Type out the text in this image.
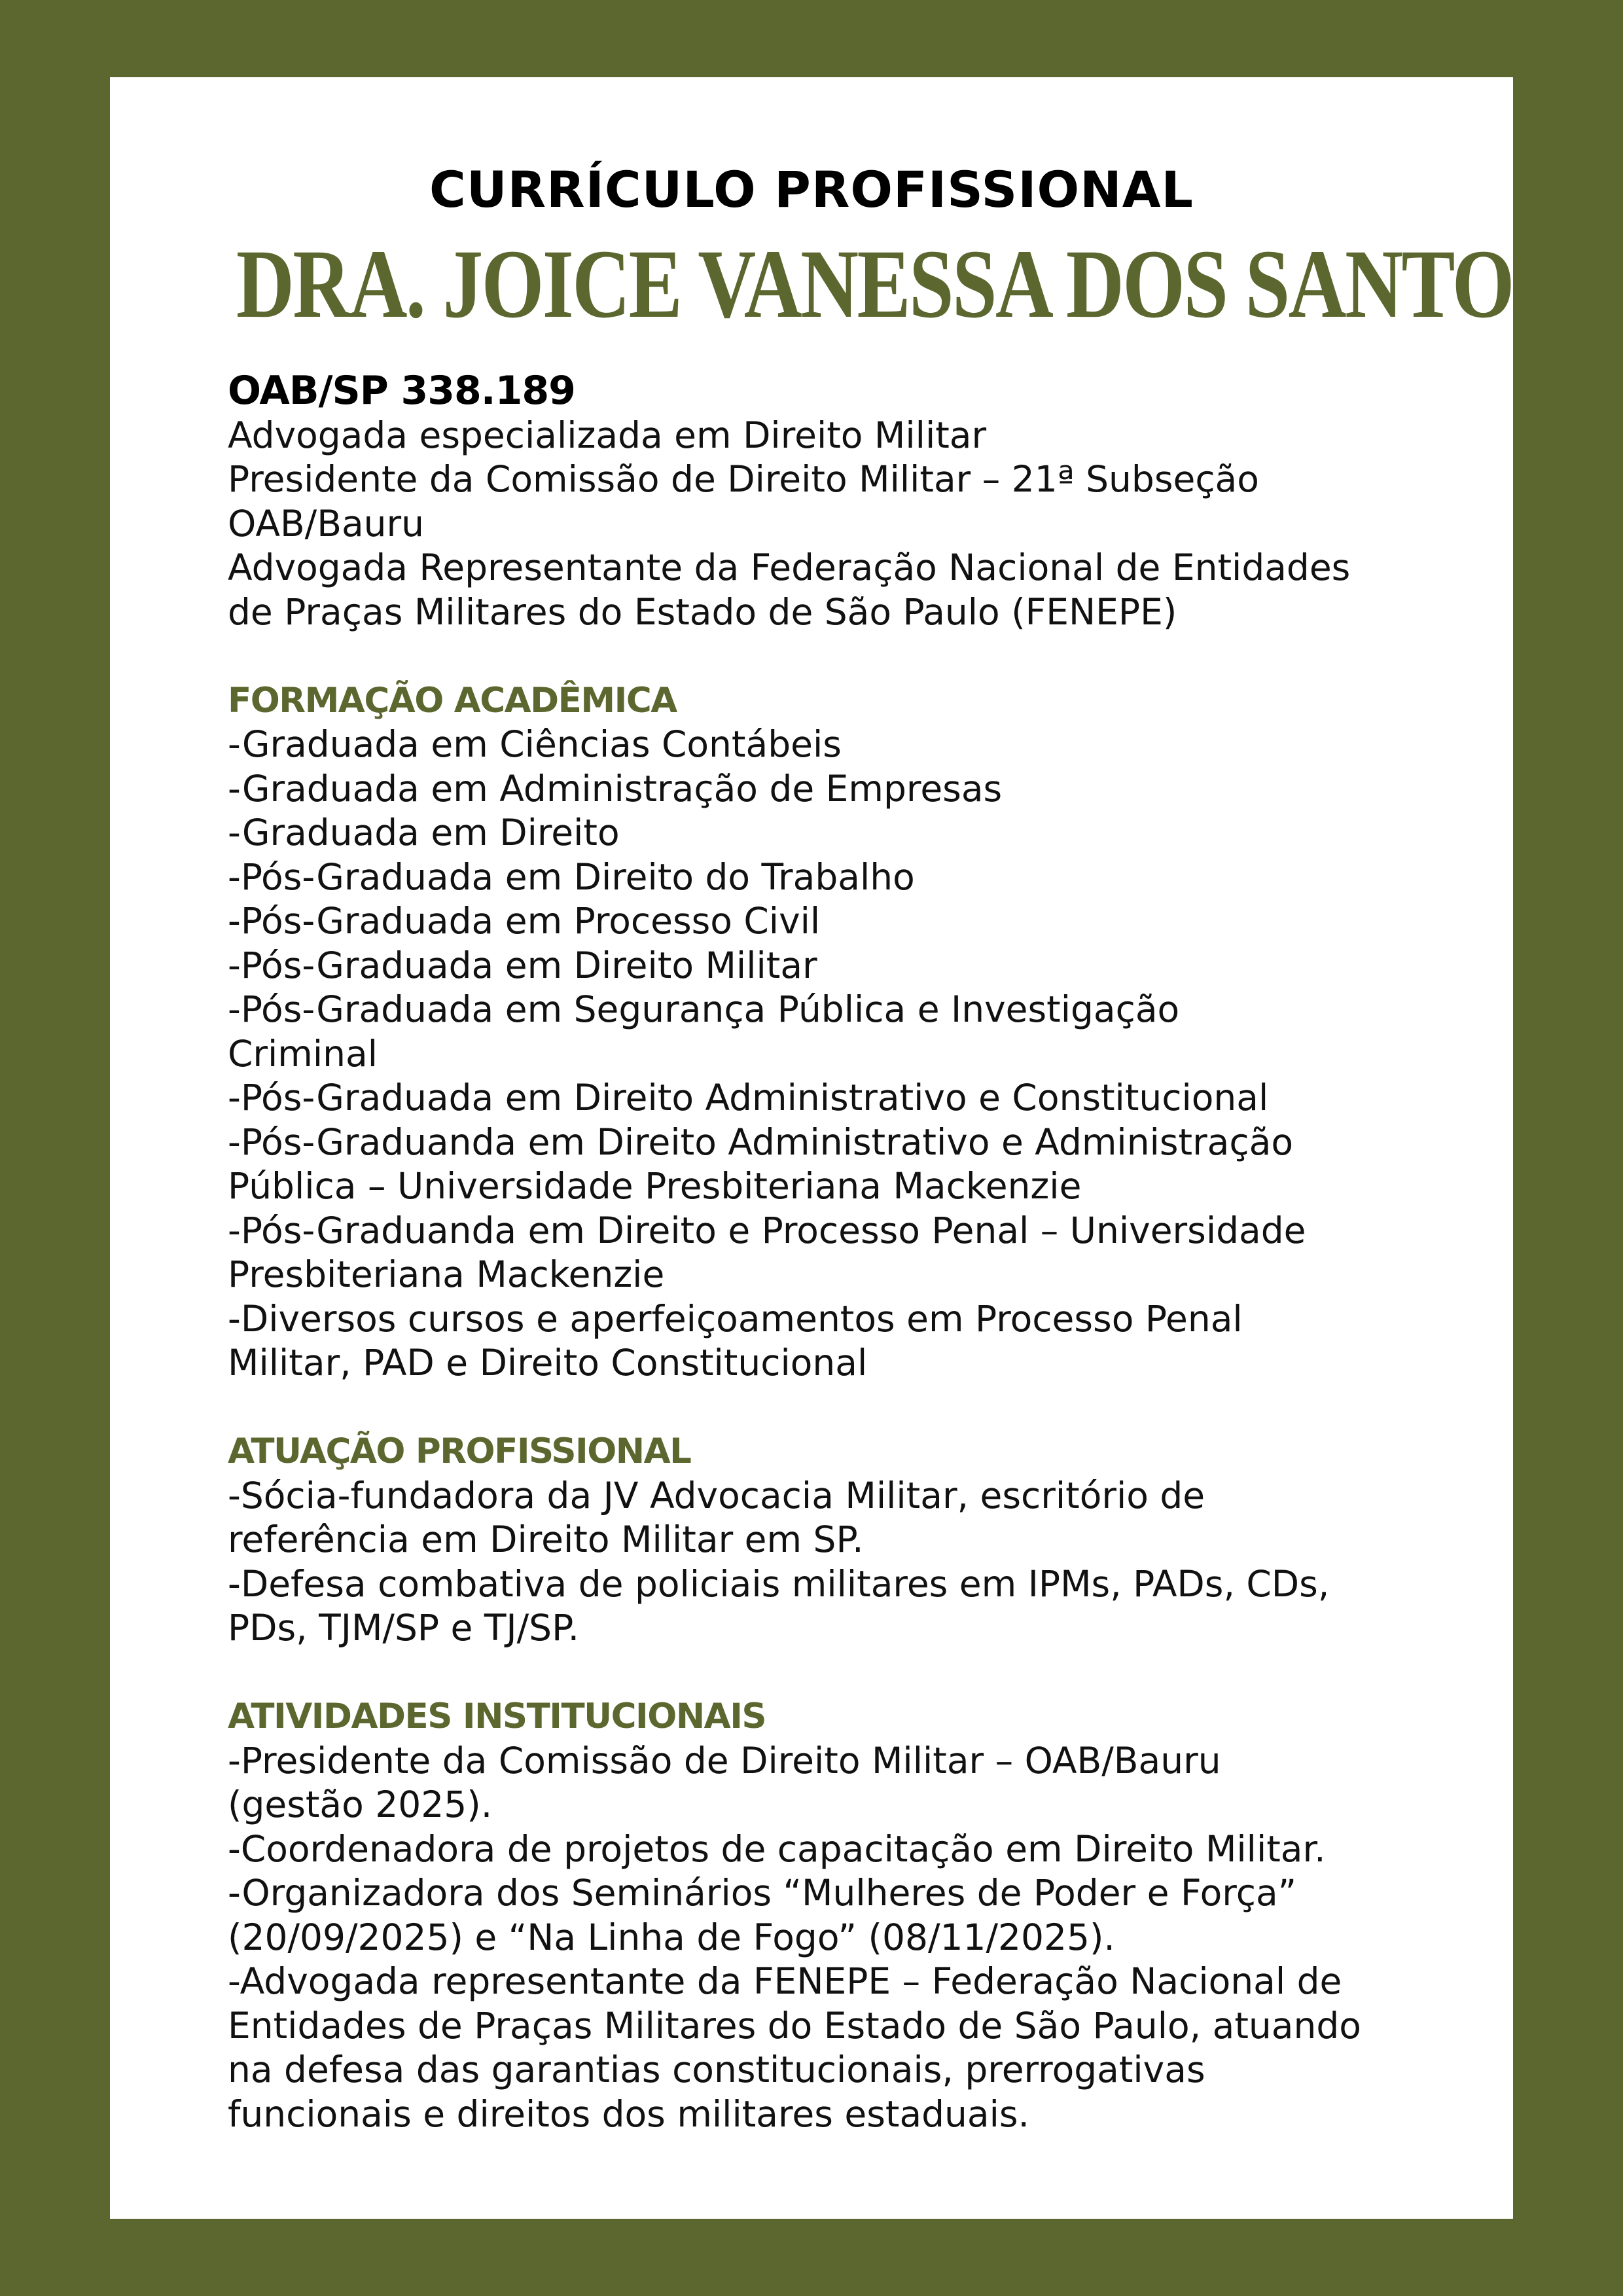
CURRÍCULO PROFISSIONAL
DRA. JOICE VANESSA DOS SANTOS
OAB/SP 338.189
Advogada especializada em Direito Militar
Presidente da Comissão de Direito Militar – 21ª Subseção
OAB/Bauru
Advogada Representante da Federação Nacional de Entidades
de Praças Militares do Estado de São Paulo (FENEPE)
FORMAÇÃO ACADÊMICA
-Graduada em Ciências Contábeis
-Graduada em Administração de Empresas
-Graduada em Direito
-Pós-Graduada em Direito do Trabalho
-Pós-Graduada em Processo Civil
-Pós-Graduada em Direito Militar
-Pós-Graduada em Segurança Pública e Investigação
Criminal
-Pós-Graduada em Direito Administrativo e Constitucional
-Pós-Graduanda em Direito Administrativo e Administração
Pública – Universidade Presbiteriana Mackenzie
-Pós-Graduanda em Direito e Processo Penal – Universidade
Presbiteriana Mackenzie
-Diversos cursos e aperfeiçoamentos em Processo Penal
Militar, PAD e Direito Constitucional
ATUAÇÃO PROFISSIONAL
-Sócia-fundadora da JV Advocacia Militar, escritório de
referência em Direito Militar em SP.
-Defesa combativa de policiais militares em IPMs, PADs, CDs,
PDs, TJM/SP e TJ/SP.
ATIVIDADES INSTITUCIONAIS
-Presidente da Comissão de Direito Militar – OAB/Bauru
(gestão 2025).
-Coordenadora de projetos de capacitação em Direito Militar.
-Organizadora dos Seminários “Mulheres de Poder e Força”
(20/09/2025) e “Na Linha de Fogo” (08/11/2025).
-Advogada representante da FENEPE – Federação Nacional de
Entidades de Praças Militares do Estado de São Paulo, atuando
na defesa das garantias constitucionais, prerrogativas
funcionais e direitos dos militares estaduais.
